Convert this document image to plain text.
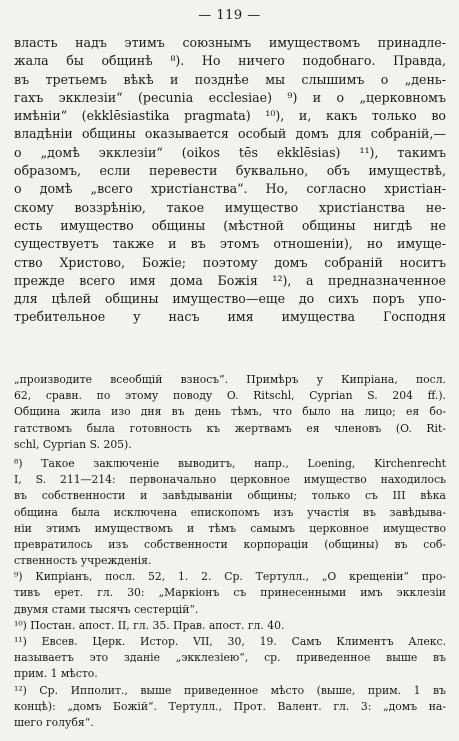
— 119 —
власть надъ этимъ союзнымъ имуществомъ принадле-
жала бы общинѣ ⁸). Но ничего подобнаго. Правда,
въ третьемъ вѣкѣ и позднѣе мы слышимъ о „день-
гахъ экклезіи“ (pecunia ecclesiae) ⁹) и о „церковномъ
имѣніи“ (ekklēsiastika pragmata) ¹⁰), и, какъ только во
владѣніи общины оказывается особый домъ для собраній,—
о „домѣ экклезіи“ (oikos tēs ekklēsias) ¹¹), такимъ
образомъ, если перевести буквально, объ имуществѣ,
о домѣ „всего христіанства“. Но, согласно христіан-
скому воззрѣнію, такое имущество христіанства не-
есть имущество общины (мѣстной общины нигдѣ не
существуетъ также и въ этомъ отношеніи), но имуще-
ство Христово, Божіе; поэтому домъ собраній носитъ
прежде всего имя дома Божія ¹²), а предназначенное
для цѣлей общины имущество—еще до сихъ поръ упо-
требительное у насъ имя имущества Господня
„производите всеобщій взносъ“. Примѣръ у Кипріана, посл.
62, сравн. по этому поводу O. Ritschl, Cyprian S. 204 ff.).
Община жила изо дня въ день тѣмъ, что было на лицо; ея бо-
гатствомъ была готовность къ жертвамъ ея членовъ (O. Rit-
schl, Cyprian S. 205).
⁸) Такое заключеніе выводитъ, напр., Loening, Kirchenrecht
I, S. 211—214: первоначально церковное имущество находилось
въ собственности и завѣдываніи общины; только съ III вѣка
община была исключена епископомъ изъ участія въ завѣдыва-
ніи этимъ имуществомъ и тѣмъ самымъ церковное имущество
превратилось изъ собственности корпораціи (общины) въ соб-
ственность учрежденія.
⁹) Кипріанъ, посл. 52, 1. 2. Ср. Тертулл., „О крещеніи“ про-
тивъ ерет. гл. 30: „Маркіонъ съ принесенными имъ экклезіи
двумя стами тысячъ сестерцій“.
¹⁰) Постан. апост. II, гл. 35. Прав. апост. гл. 40.
¹¹) Евсев. Церк. Истор. VII, 30, 19. Самъ Климентъ Алекс.
называетъ это зданіе „экклезіею“, ср. приведенное выше въ
прим. 1 мѣсто.
¹²) Ср. Ипполит., выше приведенное мѣсто (выше, прим. 1 въ
концѣ): „домъ Божій“. Тертулл., Прот. Валент. гл. 3: „домъ на-
шего голубя“.
